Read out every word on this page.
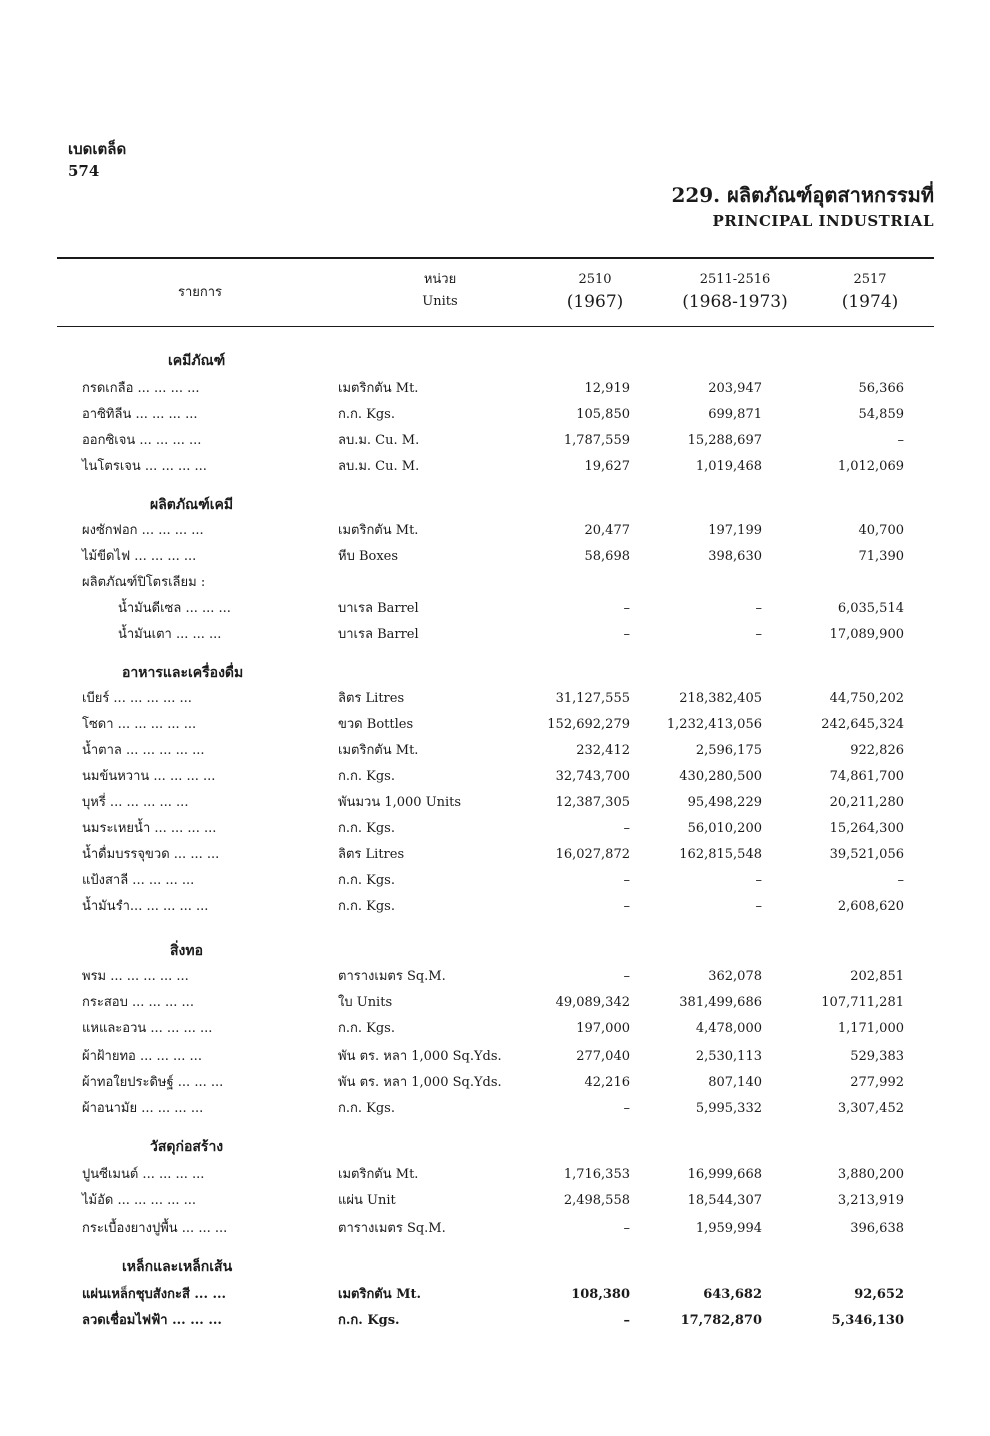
เบดเตล็ด
574
229. ผลิตภัณฑ์อุตสาหกรรมที่
PRINCIPAL INDUSTRIAL
รายการ
หน่วย
Units
2510
(1967)
2511-2516
(1968-1973)
2517
(1974)
เคมีภัณฑ์
กรดเกลือ ... ... ... ...	เมตริกตัน Mt.	12,919	203,947	56,366
อาซิทิลีน ... ... ... ...	ก.ก. Kgs.	105,850	699,871	54,859
ออกซิเจน ... ... ... ...	ลบ.ม. Cu. M.	1,787,559	15,288,697	–
ไนโตรเจน ... ... ... ...	ลบ.ม. Cu. M.	19,627	1,019,468	1,012,069
ผลิตภัณฑ์เคมี
ผงซักฟอก ... ... ... ...	เมตริกตัน Mt.	20,477	197,199	40,700
ไม้ขีดไฟ ... ... ... ...	หีบ Boxes	58,698	398,630	71,390
ผลิตภัณฑ์ปิโตรเลียม :
น้ำมันดีเซล ... ... ...	บาเรล Barrel	–	–	6,035,514
น้ำมันเตา ... ... ...	บาเรล Barrel	–	–	17,089,900
อาหารและเครื่องดื่ม
เบียร์ ... ... ... ... ...	ลิตร Litres	31,127,555	218,382,405	44,750,202
โซดา ... ... ... ... ...	ขวด Bottles	152,692,279	1,232,413,056	242,645,324
น้ำตาล ... ... ... ... ...	เมตริกตัน Mt.	232,412	2,596,175	922,826
นมข้นหวาน ... ... ... ...	ก.ก. Kgs.	32,743,700	430,280,500	74,861,700
บุหรี่ ... ... ... ... ...	พันมวน 1,000 Units	12,387,305	95,498,229	20,211,280
นมระเหยน้ำ ... ... ... ...	ก.ก. Kgs.	–	56,010,200	15,264,300
น้ำดื่มบรรจุขวด ... ... ...	ลิตร Litres	16,027,872	162,815,548	39,521,056
แป้งสาลี ... ... ... ...	ก.ก. Kgs.	–	–	–
น้ำมันรำ... ... ... ... ...	ก.ก. Kgs.	–	–	2,608,620
สิ่งทอ
พรม ... ... ... ... ...	ตารางเมตร Sq.M.	–	362,078	202,851
กระสอบ ... ... ... ...	ใบ Units	49,089,342	381,499,686	107,711,281
แหและอวน ... ... ... ...	ก.ก. Kgs.	197,000	4,478,000	1,171,000
ผ้าฝ้ายทอ ... ... ... ...	พัน ตร. หลา 1,000 Sq.Yds.	277,040	2,530,113	529,383
ผ้าทอใยประดิษฐ์ ... ... ...	พัน ตร. หลา 1,000 Sq.Yds.	42,216	807,140	277,992
ผ้าอนามัย ... ... ... ...	ก.ก. Kgs.	–	5,995,332	3,307,452
วัสดุก่อสร้าง
ปูนซีเมนต์ ... ... ... ...	เมตริกตัน Mt.	1,716,353	16,999,668	3,880,200
ไม้อัด ... ... ... ... ...	แผ่น Unit	2,498,558	18,544,307	3,213,919
กระเบื้องยางปูพื้น ... ... ...	ตารางเมตร Sq.M.	–	1,959,994	396,638
เหล็กและเหล็กเส้น
แผ่นเหล็กชุบสังกะสี ... ...	เมตริกตัน Mt.	108,380	643,682	92,652
ลวดเชื่อมไฟฟ้า ... ... ...	ก.ก. Kgs.	–	17,782,870	5,346,130
